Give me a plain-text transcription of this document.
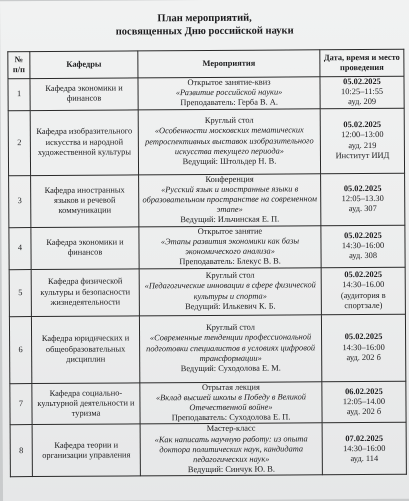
План мероприятий,
посвященных Дню российской науки
№ п/п	Кафедры	Мероприятия	Дата, время и место проведения
1	Кафедра экономики и финансов	Открытое занятие-квиз
«Развитие российской науки»
Преподаватель: Герба В. А.	05.02.2025
10:25–11:55
ауд. 209

2	Кафедра изобразительного искусства и народной художественной культуры	Круглый стол
«Особенности московских тематических ретроспективных выставок изобразительного искусства текущего периода»
Ведущий: Штольдер Н. В.	05.02.2025
12:00–13:00
ауд. 219
Институт ИИД

3	Кафедра иностранных языков и речевой коммуникации	Конференция
«Русский язык и иностранные языки в образовательном пространстве на современном этапе»
Ведущий: Ильчинская Е. П.	05.02.2025
12:05–13.30
ауд. 307

4	Кафедра экономики и финансов	Открытое занятие
«Этапы развития экономики как базы экономического анализа»
Преподаватель: Блекус В. В.	05.02.2025
14:30–16:00
ауд. 308

5	Кафедра физической культуры и безопасности жизнедеятельности	Круглый стол
«Педагогические инновации в сфере физической культуры и спорта»
Ведущий: Илькевич К. Б.	05.02.2025
14:30–16.00
(аудитория в спортзале)

6	Кафедра юридических и общеобразовательных дисциплин	Круглый стол
«Современные тенденции профессиональной подготовки специалистов в условиях цифровой трансформации»
Ведущий: Суходолова Е. М.	05.02.2025
14:30–16:00
ауд. 202 б

7	Кафедра социально-культурной деятельности и туризма	Отрытая лекция
«Вклад высшей школы в Победу в Великой Отечественной войне»
Преподаватель: Суходолова Е. П.	06.02.2025
12:05–14.00
ауд. 202 б

8	Кафедра теории и организации управления	Мастер-класс
«Как написать научную работу: из опыта доктора политических наук, кандидата педагогических наук»
Ведущий: Синчук Ю. В.	07.02.2025
14:30–16:00
ауд. 114
